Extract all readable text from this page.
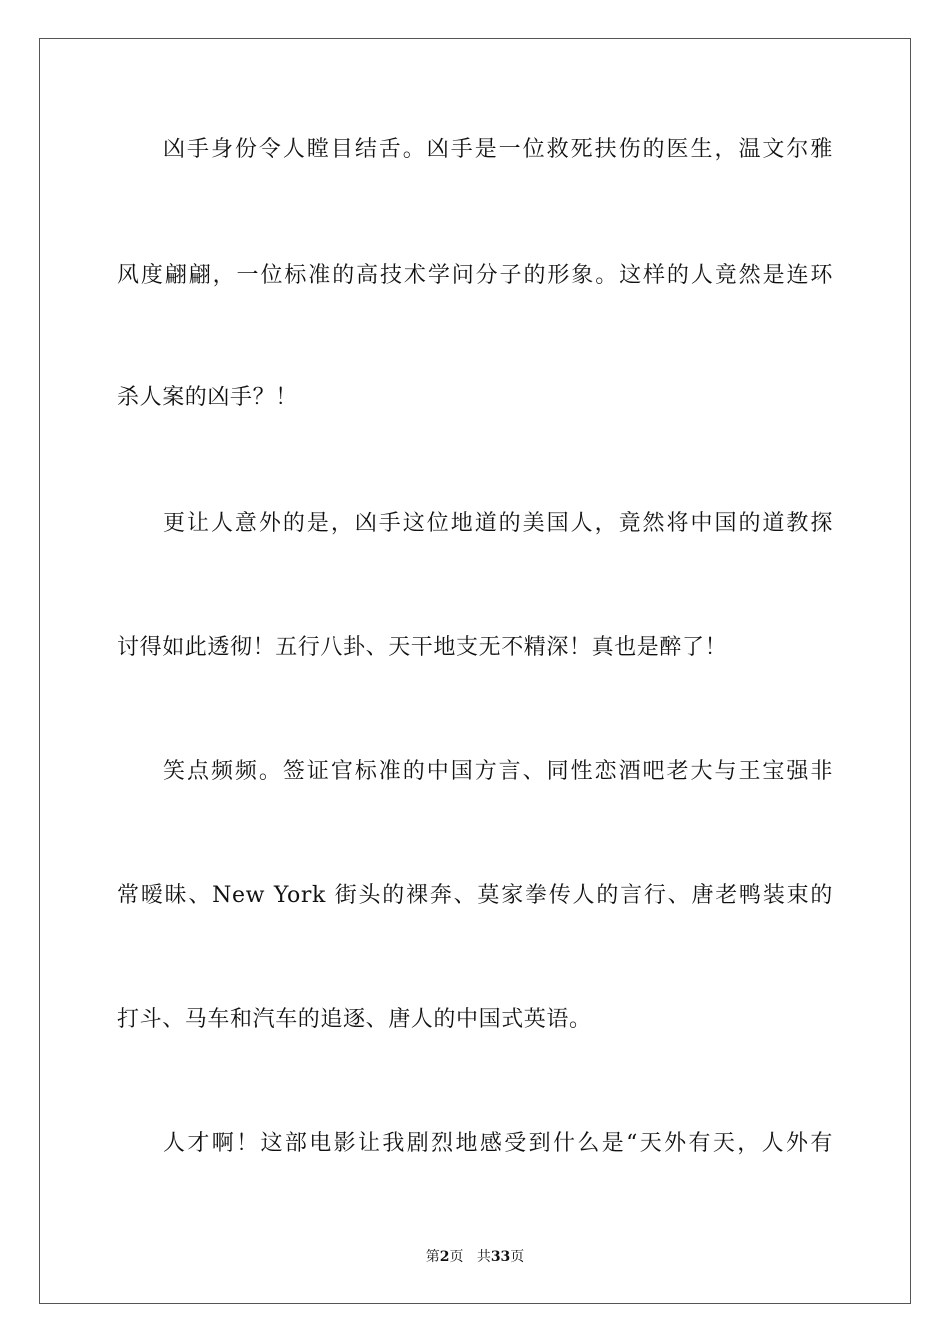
凶手身份令人瞠目结舌。凶手是一位救死扶伤的医生，温文尔雅
风度翩翩，一位标准的高技术学问分子的形象。这样的人竟然是连环
杀人案的凶手？！
更让人意外的是，凶手这位地道的美国人，竟然将中国的道教探
讨得如此透彻！五行八卦、天干地支无不精深！真也是醉了！
笑点频频。签证官标准的中国方言、同性恋酒吧老大与王宝强非
常暧昧、New York 街头的裸奔、莫家拳传人的言行、唐老鸭装束的
打斗、马车和汽车的追逐、唐人的中国式英语。
人才啊！这部电影让我剧烈地感受到什么是“天外有天，人外有
第2页 共33页
